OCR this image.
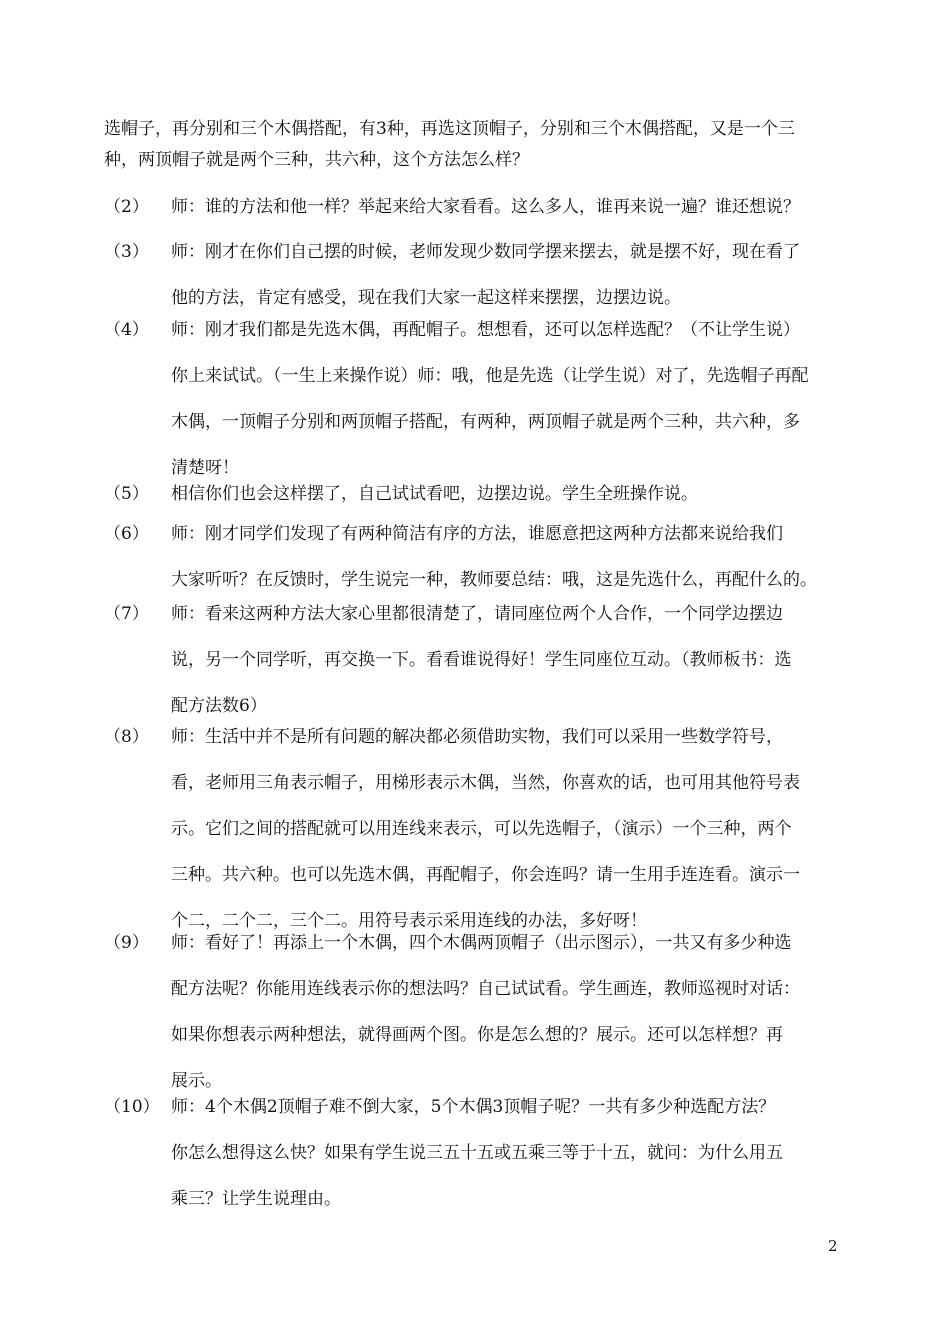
选帽子，再分别和三个木偶搭配，有3种，再选这顶帽子，分别和三个木偶搭配，又是一个三
种，两顶帽子就是两个三种，共六种，这个方法怎么样？
（2） 师：谁的方法和他一样？举起来给大家看看。这么多人，谁再来说一遍？谁还想说？
（3） 师：刚才在你们自己摆的时候，老师发现少数同学摆来摆去，就是摆不好，现在看了
他的方法，肯定有感受，现在我们大家一起这样来摆摆，边摆边说。
（4） 师：刚才我们都是先选木偶，再配帽子。想想看，还可以怎样选配？（不让学生说）
你上来试试。（一生上来操作说）师：哦，他是先选（让学生说）对了，先选帽子再配
木偶，一顶帽子分别和两顶帽子搭配，有两种，两顶帽子就是两个三种，共六种，多
清楚呀！
（5） 相信你们也会这样摆了，自己试试看吧，边摆边说。学生全班操作说。
（6） 师：刚才同学们发现了有两种简洁有序的方法，谁愿意把这两种方法都来说给我们
大家听听？在反馈时，学生说完一种，教师要总结：哦，这是先选什么，再配什么的。
（7） 师：看来这两种方法大家心里都很清楚了，请同座位两个人合作，一个同学边摆边
说，另一个同学听，再交换一下。看看谁说得好！学生同座位互动。（教师板书：选
配方法数6）
（8） 师：生活中并不是所有问题的解决都必须借助实物，我们可以采用一些数学符号，
看，老师用三角表示帽子，用梯形表示木偶，当然，你喜欢的话，也可用其他符号表
示。它们之间的搭配就可以用连线来表示，可以先选帽子，（演示）一个三种，两个
三种。共六种。也可以先选木偶，再配帽子，你会连吗？请一生用手连连看。演示一
个二，二个二，三个二。用符号表示采用连线的办法，多好呀！
（9） 师：看好了！再添上一个木偶，四个木偶两顶帽子（出示图示），一共又有多少种选
配方法呢？你能用连线表示你的想法吗？自己试试看。学生画连，教师巡视时对话：
如果你想表示两种想法，就得画两个图。你是怎么想的？展示。还可以怎样想？再
展示。
（10） 师：4个木偶2顶帽子难不倒大家，5个木偶3顶帽子呢？一共有多少种选配方法？
你怎么想得这么快？如果有学生说三五十五或五乘三等于十五，就问：为什么用五
乘三？让学生说理由。
2
